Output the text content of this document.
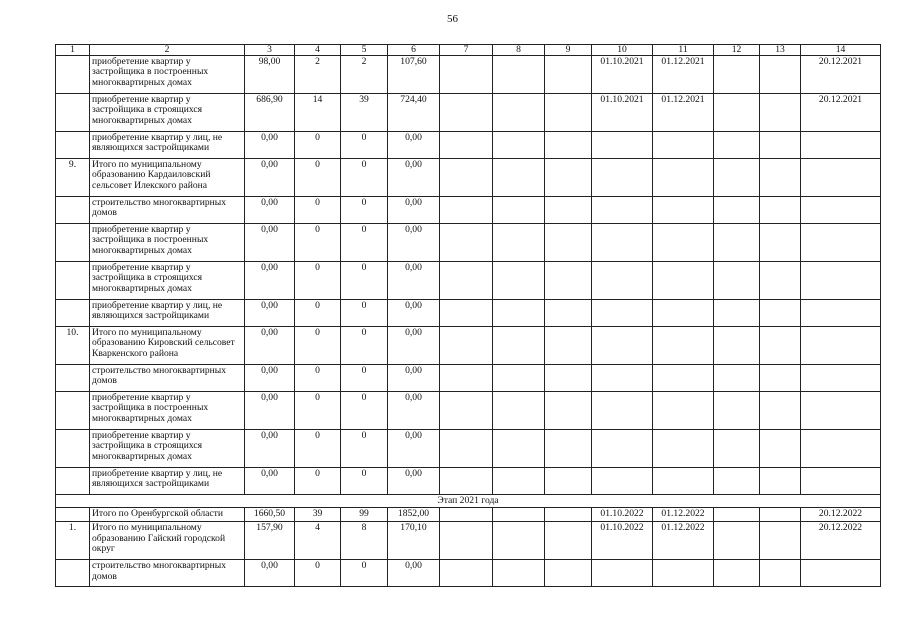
56
1	2	3	4	5	6	7	8	9	10	11	12	13	14
	приобретение квартир у застройщика в построенных многоквартирных домах	98,00	2	2	107,60				01.10.2021	01.12.2021			20.12.2021
	приобретение квартир у застройщика в строящихся многоквартирных домах	686,90	14	39	724,40				01.10.2021	01.12.2021			20.12.2021
	приобретение квартир у лиц, не являющихся застройщиками	0,00	0	0	0,00								
9.	Итого по муниципальному образованию Кардаиловский сельсовет Илекского района	0,00	0	0	0,00								
	строительство многоквартирных домов	0,00	0	0	0,00								
	приобретение квартир у застройщика в построенных многоквартирных домах	0,00	0	0	0,00								
	приобретение квартир у застройщика в строящихся многоквартирных домах	0,00	0	0	0,00								
	приобретение квартир у лиц, не являющихся застройщиками	0,00	0	0	0,00								
10.	Итого по муниципальному образованию Кировский сельсовет Кваркенского района	0,00	0	0	0,00								
	строительство многоквартирных домов	0,00	0	0	0,00								
	приобретение квартир у застройщика в построенных многоквартирных домах	0,00	0	0	0,00								
	приобретение квартир у застройщика в строящихся многоквартирных домах	0,00	0	0	0,00								
	приобретение квартир у лиц, не являющихся застройщиками	0,00	0	0	0,00								
Этап 2021 года													
	Итого по Оренбургской области	1660,50	39	99	1852,00				01.10.2022	01.12.2022			20.12.2022
1.	Итого по муниципальному образованию Гайский городской округ	157,90	4	8	170,10				01.10.2022	01.12.2022			20.12.2022
	строительство многоквартирных домов	0,00	0	0	0,00								
